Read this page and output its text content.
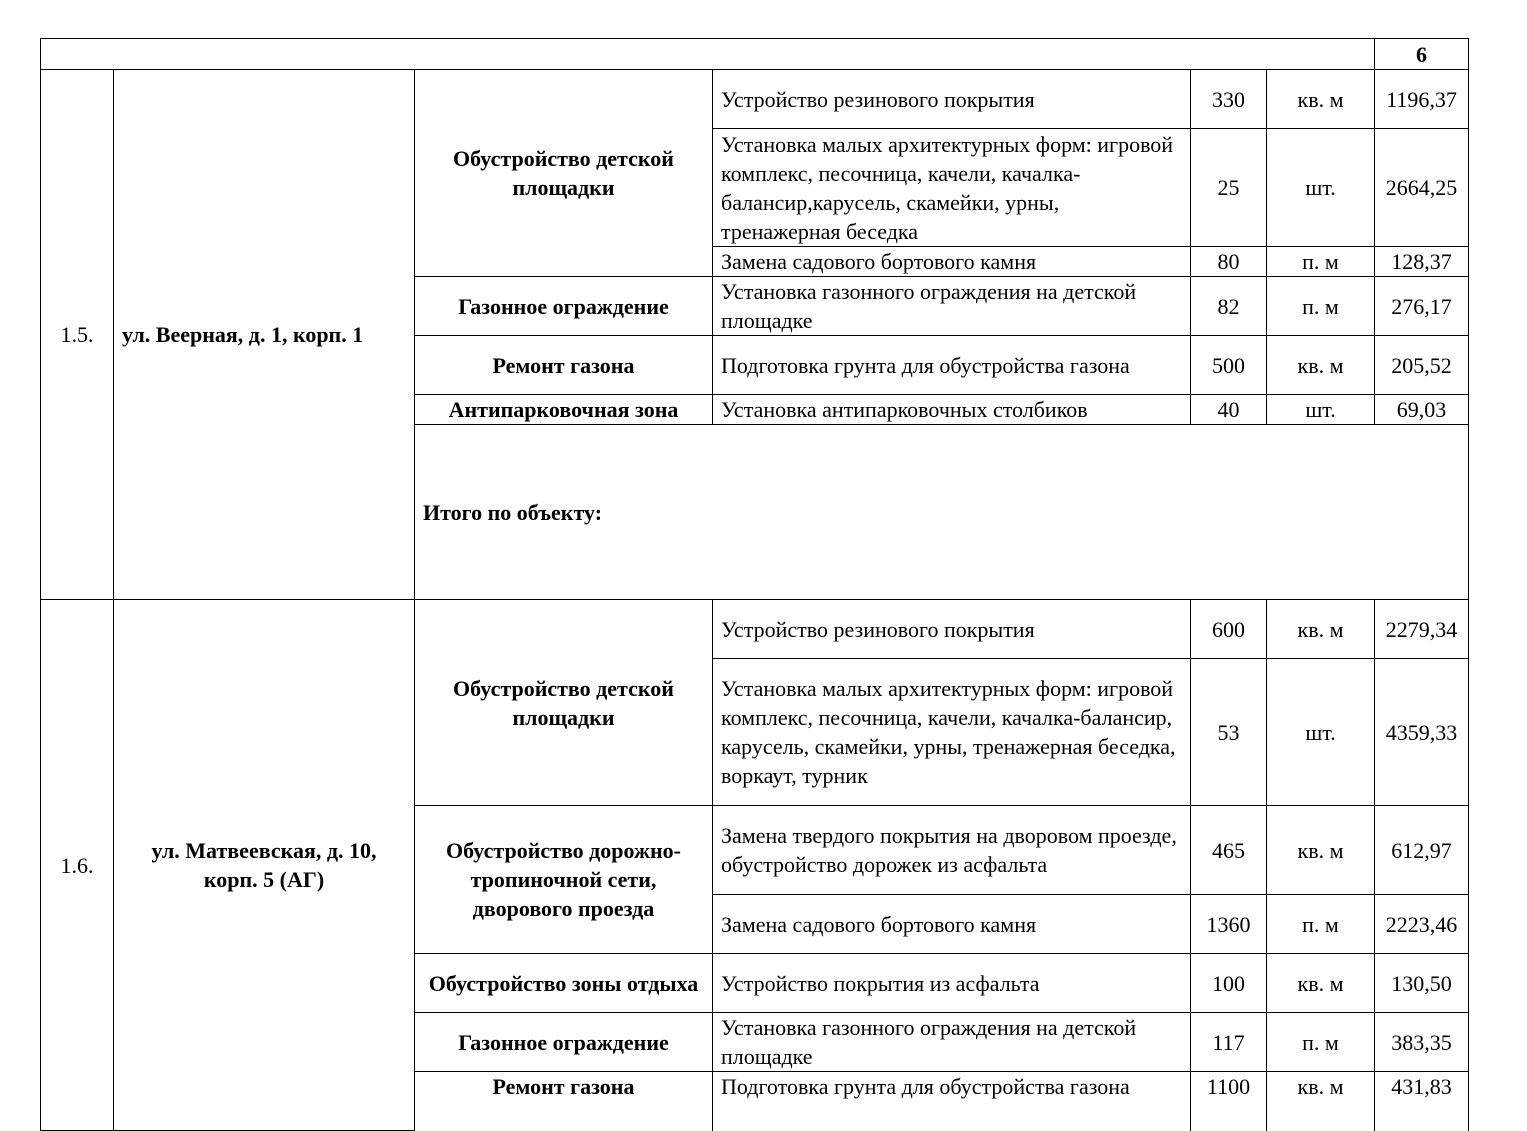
						6	
1.5.	ул. Веерная, д. 1, корп. 1	Обустройство детской площадки	Устройство резинового покрытия	330	кв. м	1196,37	
			Установка малых архитектурных форм: игровой комплекс, песочница, качели, качалка-балансир,карусель, скамейки, урны, тренажерная беседка	25	шт.	2664,25	
			Замена садового бортового камня	80	п. м	128,37	
		Газонное ограждение	Установка газонного ограждения на детской площадке	82	п. м	276,17	
		Ремонт газона	Подготовка грунта для обустройства газона	500	кв. м	205,52	
		Антипарковочная зона	Установка антипарковочных столбиков	40	шт.	69,03	
		Итого по объекту:	
1.6.	ул. Матвеевская, д. 10, корп. 5 (АГ)	Обустройство детской площадки	Устройство резинового покрытия	600	кв. м	2279,34	
			Установка малых архитектурных форм: игровой комплекс, песочница, качели, качалка-балансир, карусель, скамейки, урны, тренажерная беседка, воркаут, турник	53	шт.	4359,33	
		Обустройство дорожно-тропиночной сети, дворового проезда	Замена твердого покрытия на дворовом проезде,
обустройство дорожек из асфальта	465	кв. м	612,97	
			Замена садового бортового камня	1360	п. м	2223,46	
		Обустройство зоны отдыха	Устройство покрытия из асфальта	100	кв. м	130,50	
		Газонное ограждение	Установка газонного ограждения на детской площадке	117	п. м	383,35	
		Ремонт газона	Подготовка грунта для обустройства газона	1100	кв. м	431,83	
